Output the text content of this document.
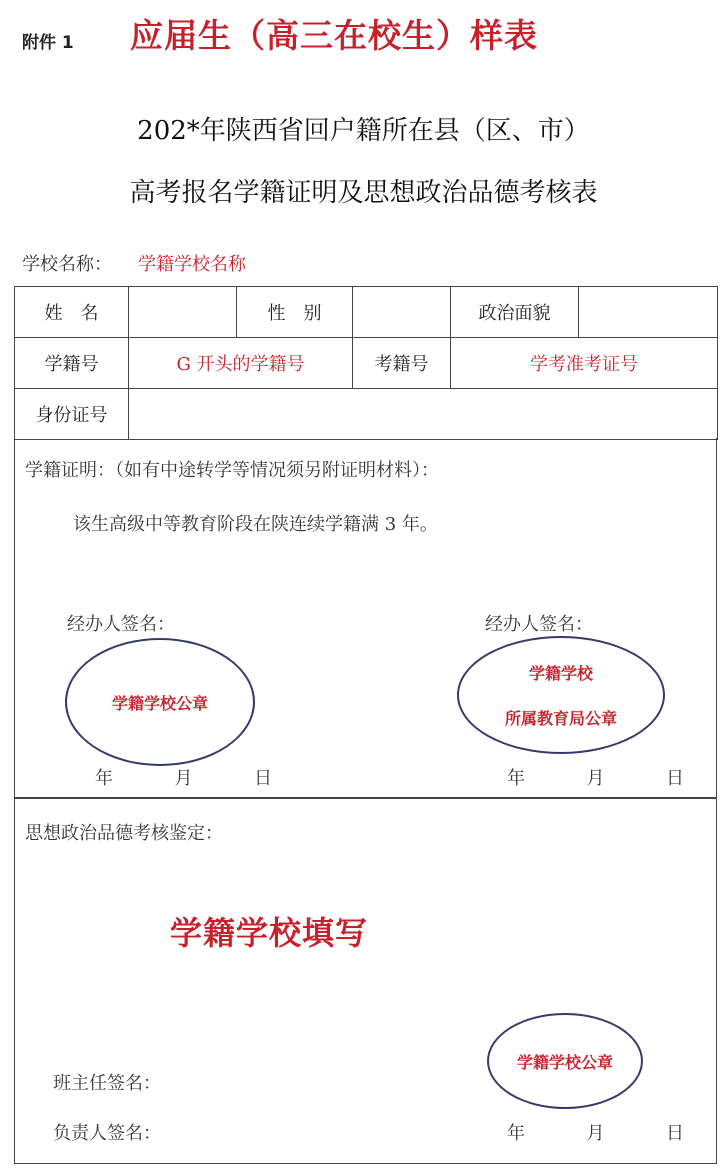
附件 1 应届生（高三在校生）样表
202*年陕西省回户籍所在县（区、市）
高考报名学籍证明及思想政治品德考核表
学校名称： 学籍学校名称
姓　名		性　别		政治面貌	
学籍号	G 开头的学籍号		考籍号	学考准考证号	
身份证号					
学籍证明：（如有中途转学等情况须另附证明材料）：
该生高级中等教育阶段在陕连续学籍满 3 年。
经办人签名：	经办人签名：
学籍学校公章
学籍学校
所属教育局公章
年	月	日	年	月	日
思想政治品德考核鉴定：
学籍学校公章
班主任签名：
负责人签名：	年	月	日
学籍学校填写
